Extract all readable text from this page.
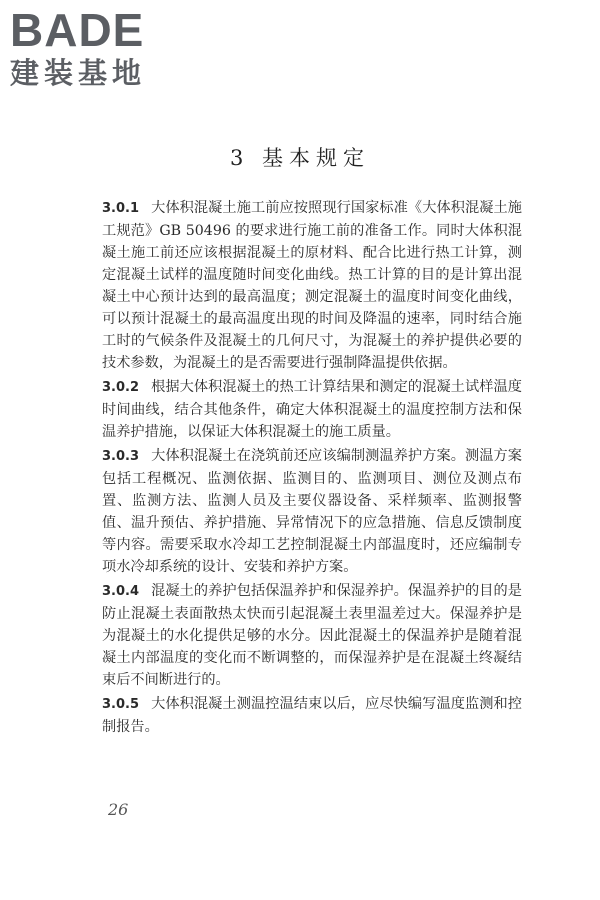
BADE
建装基地
3 基本规定

3.0.1 大体积混凝土施工前应按照现行国家标准《大体积混凝土施工规范》GB 50496 的要求进行施工前的准备工作。同时大体积混凝土施工前还应该根据混凝土的原材料、配合比进行热工计算，测定混凝土试样的温度随时间变化曲线。热工计算的目的是计算出混凝土中心预计达到的最高温度；测定混凝土的温度时间变化曲线，可以预计混凝土的最高温度出现的时间及降温的速率，同时结合施工时的气候条件及混凝土的几何尺寸，为混凝土的养护提供必要的技术参数，为混凝土的是否需要进行强制降温提供依据。

3.0.2 根据大体积混凝土的热工计算结果和测定的混凝土试样温度时间曲线，结合其他条件，确定大体积混凝土的温度控制方法和保温养护措施，以保证大体积混凝土的施工质量。

3.0.3 大体积混凝土在浇筑前还应该编制测温养护方案。测温方案包括工程概况、监测依据、监测目的、监测项目、测位及测点布置、监测方法、监测人员及主要仪器设备、采样频率、监测报警值、温升预估、养护措施、异常情况下的应急措施、信息反馈制度等内容。需要采取水冷却工艺控制混凝土内部温度时，还应编制专项水冷却系统的设计、安装和养护方案。

3.0.4 混凝土的养护包括保温养护和保湿养护。保温养护的目的是防止混凝土表面散热太快而引起混凝土表里温差过大。保湿养护是为混凝土的水化提供足够的水分。因此混凝土的保温养护是随着混凝土内部温度的变化而不断调整的，而保湿养护是在混凝土终凝结束后不间断进行的。

3.0.5 大体积混凝土测温控温结束以后，应尽快编写温度监测和控制报告。

26
